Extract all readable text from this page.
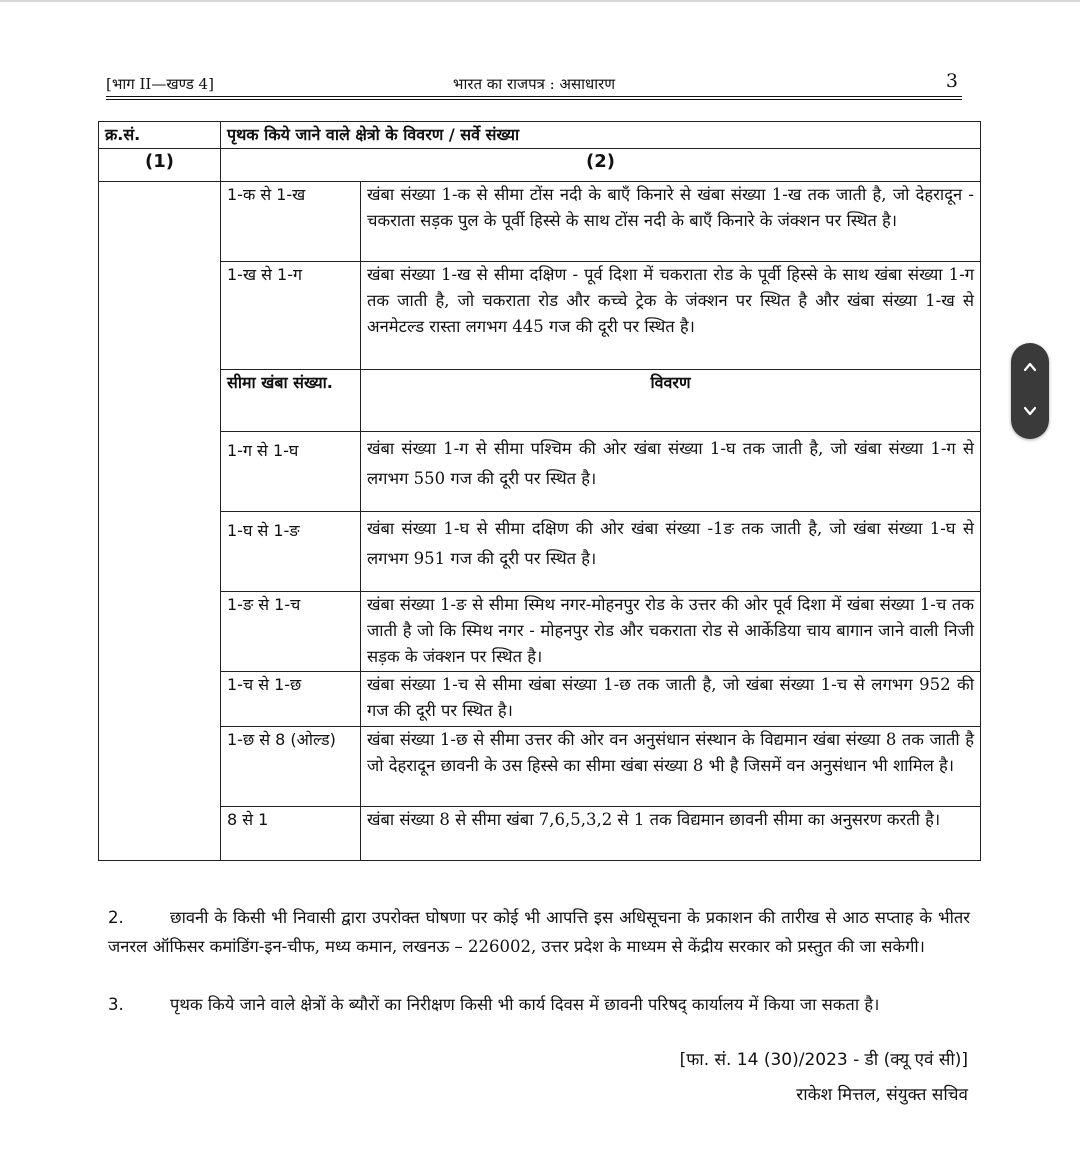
[भाग II—खण्ड 4]	भारत का राजपत्र : असाधारण	3
क्र.सं.	पृथक किये जाने वाले क्षेत्रो के विवरण / सर्वे संख्या	
(1)	(2)	
	1-क से 1-ख	खंबा संख्या 1-क से सीमा टोंस नदी के बाएँ किनारे से खंबा संख्या 1-ख तक जाती है, जो देहरादून - चकराता सड़क पुल के पूर्वी हिस्से के साथ टोंस नदी के बाएँ किनारे के जंक्शन पर स्थित है।
	1-ख से 1-ग	खंबा संख्या 1-ख से सीमा दक्षिण - पूर्व दिशा में चकराता रोड के पूर्वी हिस्से के साथ खंबा संख्या 1-ग तक जाती है, जो चकराता रोड और कच्चे ट्रेक के जंक्शन पर स्थित है और खंबा संख्या 1-ख से अनमेटल्ड रास्ता लगभग 445 गज की दूरी पर स्थित है।
	सीमा खंबा संख्या.	विवरण
	1-ग से 1-घ	खंबा संख्या 1-ग से सीमा पश्चिम की ओर खंबा संख्या 1-घ तक जाती है, जो खंबा संख्या 1-ग से लगभग 550 गज की दूरी पर स्थित है।
	1-घ से 1-ङ	खंबा संख्या 1-घ से सीमा दक्षिण की ओर खंबा संख्या -1ङ तक जाती है, जो खंबा संख्या 1-घ से लगभग 951 गज की दूरी पर स्थित है।
	1-ङ से 1-च	खंबा संख्या 1-ङ से सीमा स्मिथ नगर-मोहनपुर रोड के उत्तर की ओर पूर्व दिशा में खंबा संख्या 1-च तक जाती है जो कि स्मिथ नगर - मोहनपुर रोड और चकराता रोड से आर्केडिया चाय बागान जाने वाली निजी सड़क के जंक्शन पर स्थित है।
	1-च से 1-छ	खंबा संख्या 1-च से सीमा खंबा संख्या 1-छ तक जाती है, जो खंबा संख्या 1-च से लगभग 952 की गज की दूरी पर स्थित है।
	1-छ से 8 (ओल्ड)	खंबा संख्या 1-छ से सीमा उत्तर की ओर वन अनुसंधान संस्थान के विद्यमान खंबा संख्या 8 तक जाती है जो देहरादून छावनी के उस हिस्से का सीमा खंबा संख्या 8 भी है जिसमें वन अनुसंधान भी शामिल है।
	8 से 1	खंबा संख्या 8 से सीमा खंबा 7,6,5,3,2 से 1 तक विद्यमान छावनी सीमा का अनुसरण करती है।
2.	छावनी के किसी भी निवासी द्वारा उपरोक्त घोषणा पर कोई भी आपत्ति इस अधिसूचना के प्रकाशन की तारीख से आठ सप्ताह के भीतर जनरल ऑफिसर कमांडिंग-इन-चीफ, मध्य कमान, लखनऊ – 226002, उत्तर प्रदेश के माध्यम से केंद्रीय सरकार को प्रस्तुत की जा सकेगी।
3.	पृथक किये जाने वाले क्षेत्रों के ब्यौरों का निरीक्षण किसी भी कार्य दिवस में छावनी परिषद् कार्यालय में किया जा सकता है।
[फा. सं. 14 (30)/2023 - डी (क्यू एवं सी)]
राकेश मित्तल, संयुक्त सचिव
